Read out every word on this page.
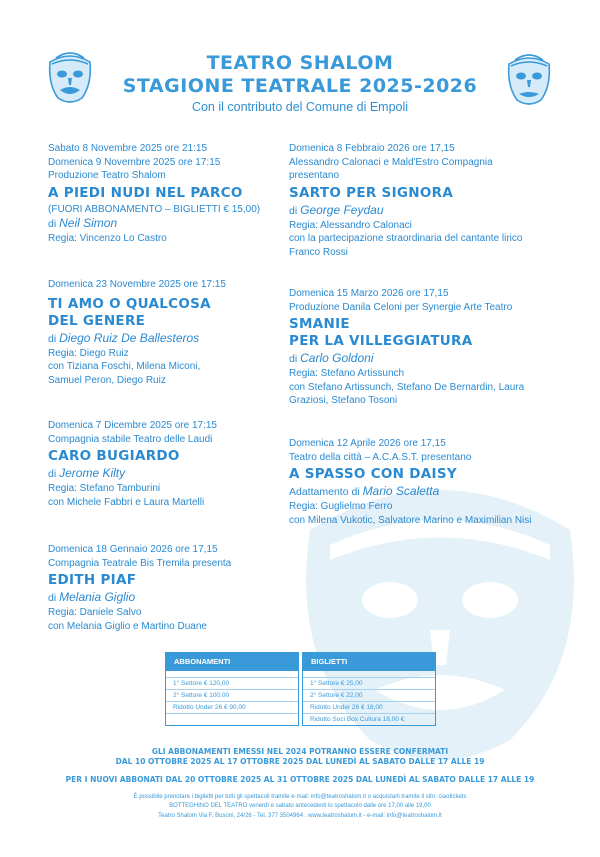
TEATRO SHALOM
STAGIONE TEATRALE 2025-2026
Con il contributo del Comune di Empoli
Sabato 8 Novembre 2025 ore 21:15
Domenica 9 Novembre 2025 ore 17:15
Produzione Teatro Shalom
A PIEDI NUDI NEL PARCO
(FUORI ABBONAMENTO – BIGLIETTI € 15,00)
di Neil Simon
Regia: Vincenzo Lo Castro
Domenica 23 Novembre 2025 ore 17:15
TI AMO O QUALCOSA
DEL GENERE
di Diego Ruiz De Ballesteros
Regia: Diego Ruiz
con Tiziana Foschi, Milena Miconi,
Samuel Peron, Diego Ruiz
Domenica 7 Dicembre 2025 ore 17:15
Compagnia stabile Teatro delle Laudi
CARO BUGIARDO
di Jerome Kilty
Regia: Stefano Tamburini
con Michele Fabbri e Laura Martelli
Domenica 18 Gennaio 2026 ore 17,15
Compagnia Teatrale Bis Tremila presenta
EDITH PIAF
di Melania Giglio
Regia: Daniele Salvo
con Melania Giglio e Martino Duane
Domenica 8 Febbraio 2026 ore 17,15
Alessandro Calonaci e Mald'Estro Compagnia
presentano
SARTO PER SIGNORA
di George Feydau
Regia: Alessandro Calonaci
con la partecipazione straordinaria del cantante lirico
Franco Rossi
Domenica 15 Marzo 2026 ore 17,15
Produzione Danila Celoni per Synergie Arte Teatro
SMANIE
PER LA VILLEGGIATURA
di Carlo Goldoni
Regia: Stefano Artissunch
con Stefano Artissunch, Stefano De Bernardin, Laura
Graziosi, Stefano Tosoni
Domenica 12 Aprile 2026 ore 17,15
Teatro della città – A.C.A.S.T. presentano
A SPASSO CON DAISY
Adattamento di Mario Scaletta
Regia: Guglielmo Ferro
con Milena Vukotic, Salvatore Marino e Maximilian Nisi
ABBONAMENTI
1° Settore € 120,00
2° Settore € 100,00
Ridotto Under 26 € 90,00
BIGLIETTI
1° Settore € 25,00
2° Settore € 22,00
Ridotto Under 26 € 18,00
Ridotto Soci Box Cultura 18,00 €
GLI ABBONAMENTI EMESSI NEL 2024 POTRANNO ESSERE CONFERMATI
DAL 10 OTTOBRE 2025 AL 17 OTTOBRE 2025 DAL LUNEDÌ AL SABATO DALLE 17 ALLE 19
PER I NUOVI ABBONATI DAL 20 OTTOBRE 2025 AL 31 OTTOBRE 2025 DAL LUNEDÌ AL SABATO DALLE 17 ALLE 19
È possibile prenotare i biglietti per tutti gli spettacoli tramite e-mail: info@teatroshalom.it o acquistarli tramite il sito: ciaotickets
BOTTEGHINO DEL TEATRO venerdì e sabato antecedenti lo spettacolo dalle ore 17,00 alle 19,00
Teatro Shalom Via F. Busoni, 24/26 - Tel. 377 3504964 . www.teatroshalom.it - e-mail: info@teatroshalom.it
